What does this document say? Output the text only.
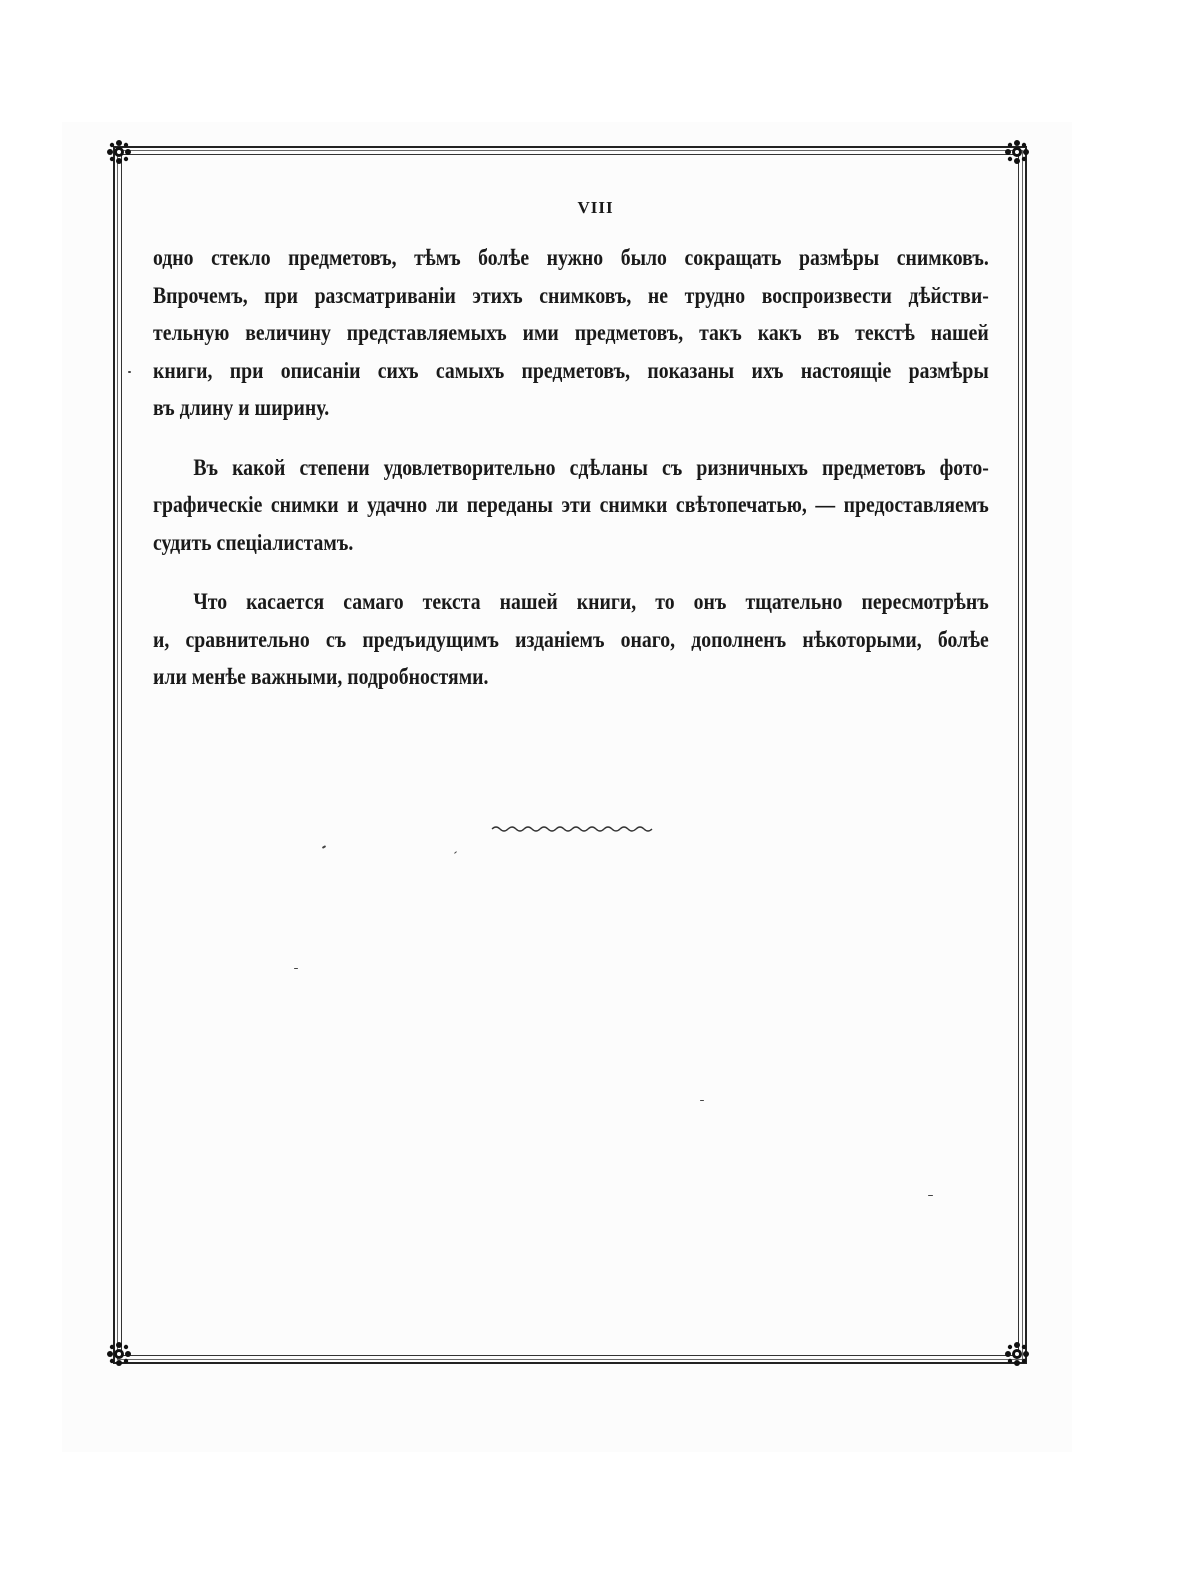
VIII

одно стекло предметовъ, тѣмъ болѣе нужно было сокращать размѣры снимковъ.
Впрочемъ, при разсматриваніи этихъ снимковъ, не трудно воспроизвести дѣйстви-
тельную величину представляемыхъ ими предметовъ, такъ какъ въ текстѣ нашей
книги, при описаніи сихъ самыхъ предметовъ, показаны ихъ настоящіе размѣры
въ длину и ширину.

Въ какой степени удовлетворительно сдѣланы съ ризничныхъ предметовъ фото-
графическіе снимки и удачно ли переданы эти снимки свѣтопечатью, — предоставляемъ
судить спеціалистамъ.

Что касается самаго текста нашей книги, то онъ тщательно пересмотрѣнъ
и, сравнительно съ предъидущимъ изданіемъ онаго, дополненъ нѣкоторыми, болѣе
или менѣе важными, подробностями.
